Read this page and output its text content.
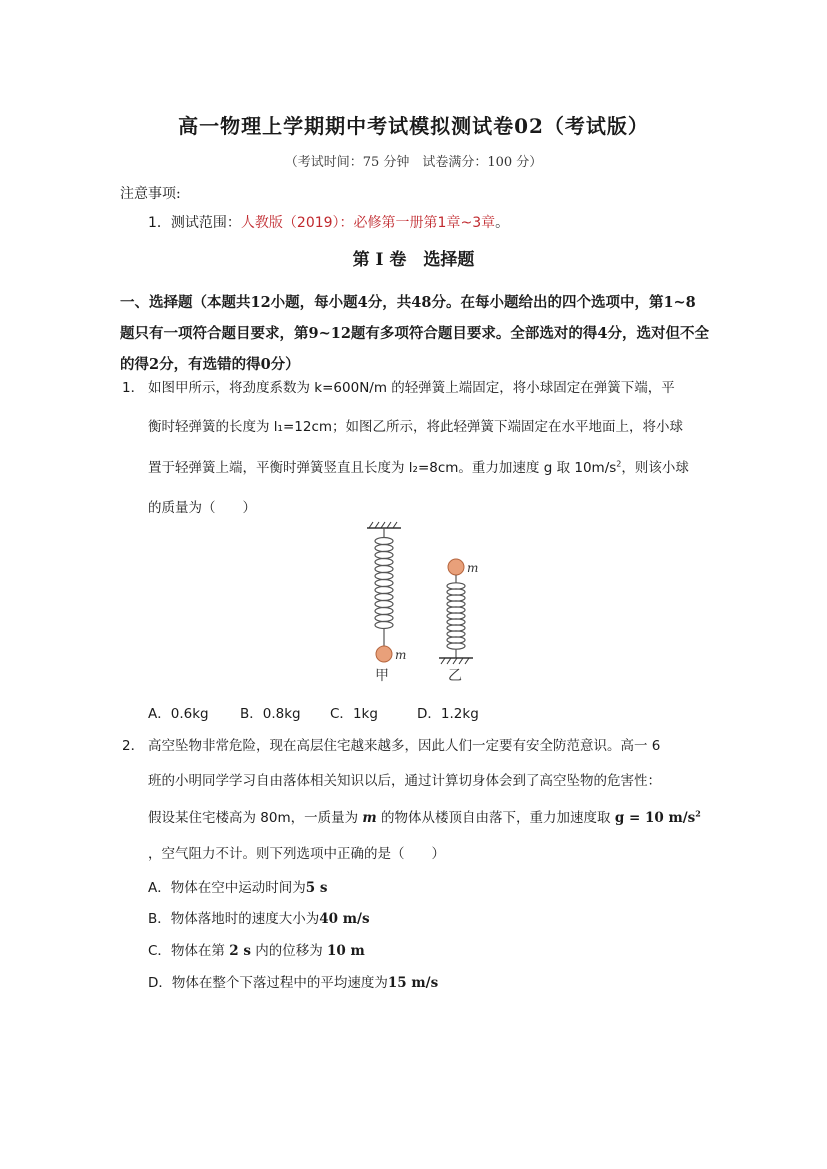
高一物理上学期期中考试模拟测试卷02（考试版）
（考试时间：75 分钟　试卷满分：100 分）
注意事项:
1．测试范围：人教版（2019）：必修第一册第1章~3章。
第 I 卷　选择题
一、选择题（本题共12小题，每小题4分，共48分。在每小题给出的四个选项中，第1~8题只有一项符合题目要求，第9~12题有多项符合题目要求。全部选对的得4分，选对但不全的得2分，有选错的得0分）
1． 如图甲所示，将劲度系数为 k=600N/m 的轻弹簧上端固定，将小球固定在弹簧下端，平
衡时轻弹簧的长度为 l₁=12cm；如图乙所示，将此轻弹簧下端固定在水平地面上，将小球
置于轻弹簧上端，平衡时弹簧竖直且长度为 l₂=8cm。重力加速度 g 取 $10m/s^2$，则该小球
的质量为（　　）
m
甲
m
乙
A．0.6kg B．0.8kg C．1kg	D．1.2kg
2． 高空坠物非常危险，现在高层住宅越来越多，因此人们一定要有安全防范意识。高一 6
班的小明同学学习自由落体相关知识以后，通过计算切身体会到了高空坠物的危害性：
假设某住宅楼高为 80m，一质量为 m 的物体从楼顶自由落下，重力加速度取 g = 10 $m/s^2$
，空气阻力不计。则下列选项中正确的是（　　）
A．物体在空中运动时间为5 s
B．物体落地时的速度大小为40 m/s
C．物体在第 2 s 内的位移为 10 m
D．物体在整个下落过程中的平均速度为15 m/s
